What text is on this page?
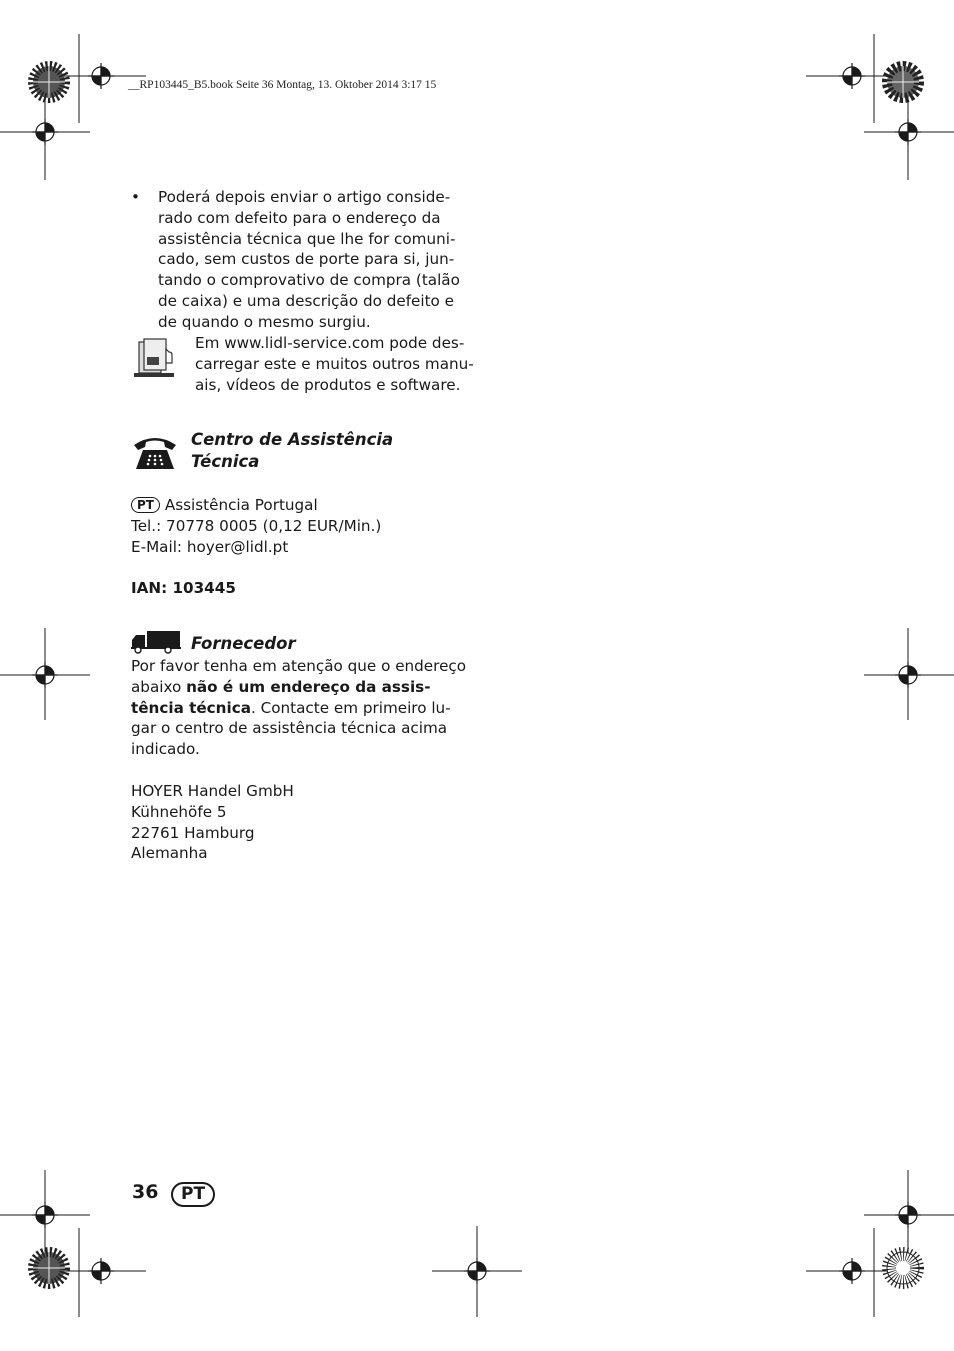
__RP103445_B5.book Seite 36 Montag, 13. Oktober 2014 3:17 15
• Poderá depois enviar o artigo conside-
rado com defeito para o endereço da
assistência técnica que lhe for comuni-
cado, sem custos de porte para si, jun-
tando o comprovativo de compra (talão
de caixa) e uma descrição do defeito e
de quando o mesmo surgiu.
Em www.lidl-service.com pode des-
carregar este e muitos outros manu-
ais, vídeos de produtos e software.
Centro de Assistência
Técnica
PT Assistência Portugal
Tel.: 70778 0005 (0,12 EUR/Min.)
E-Mail: hoyer@lidl.pt
IAN: 103445
Fornecedor
Por favor tenha em atenção que o endereço
abaixo não é um endereço da assis-
tência técnica. Contacte em primeiro lu-
gar o centro de assistência técnica acima
indicado.
HOYER Handel GmbH
Kühnehöfe 5
22761 Hamburg
Alemanha
36	PT
